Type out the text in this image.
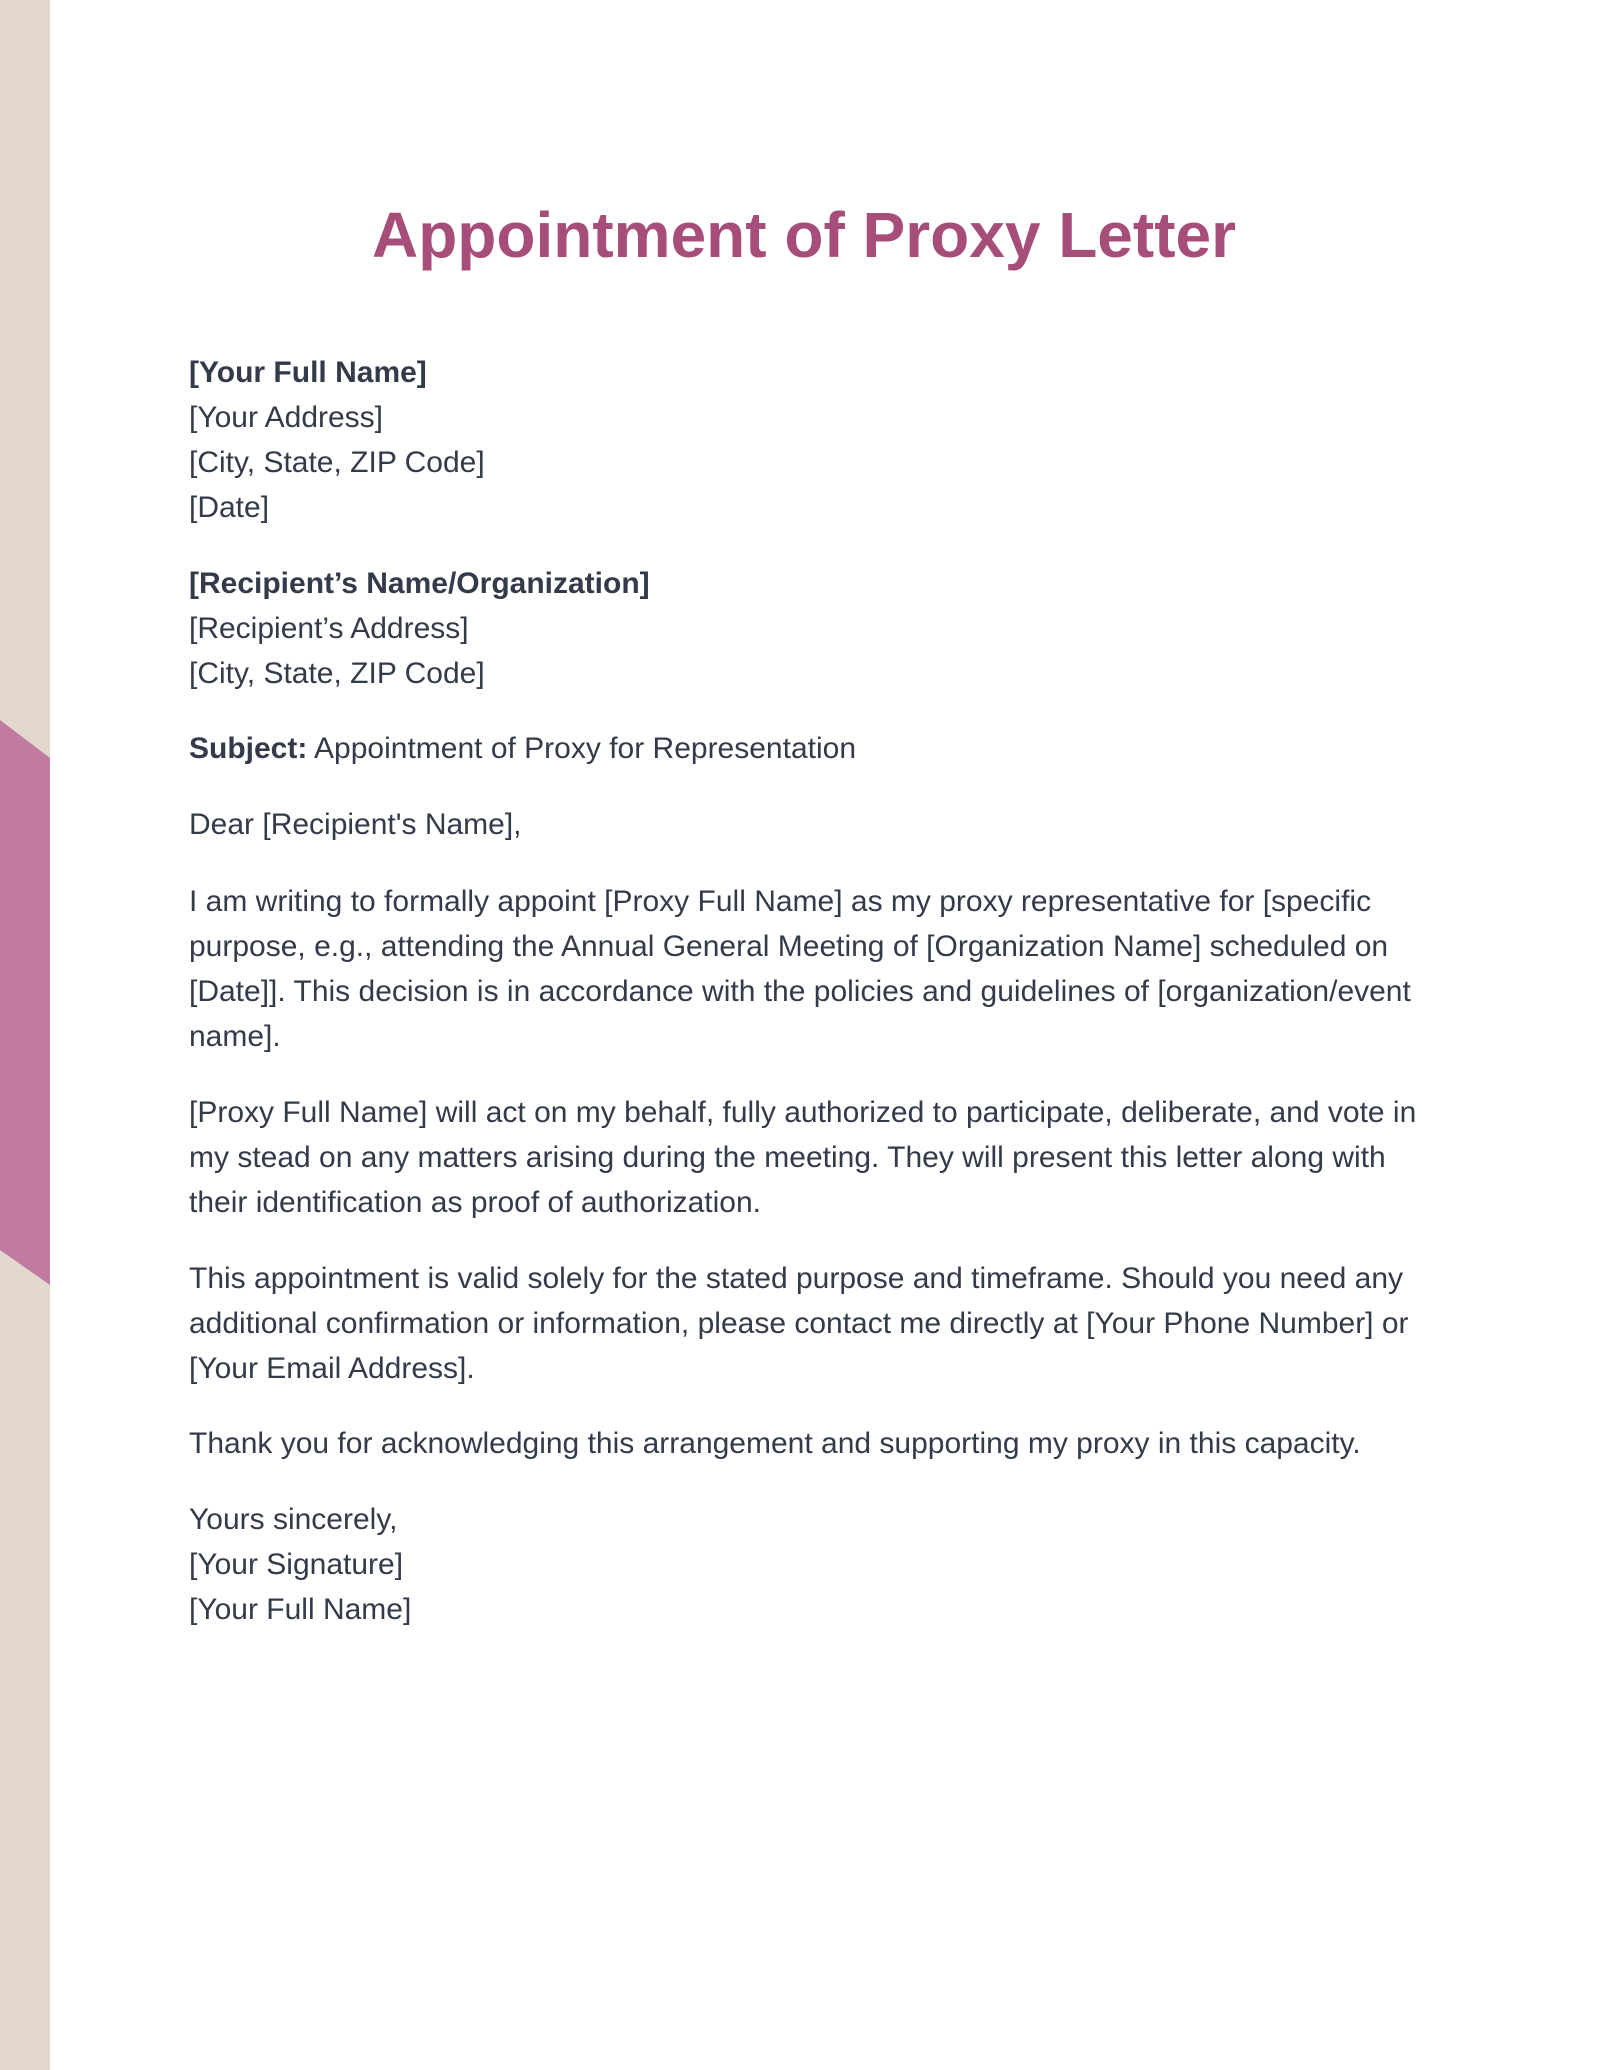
Appointment of Proxy Letter

[Your Full Name]

[Your Address]

[City, State, ZIP Code]

[Date]

[Recipient’s Name/Organization]

[Recipient’s Address]

[City, State, ZIP Code]

Subject: Appointment of Proxy for Representation

Dear [Recipient's Name],

I am writing to formally appoint [Proxy Full Name] as my proxy representative for [specific purpose, e.g., attending the Annual General Meeting of [Organization Name] scheduled on [Date]]. This decision is in accordance with the policies and guidelines of [organization/event name].

[Proxy Full Name] will act on my behalf, fully authorized to participate, deliberate, and vote in my stead on any matters arising during the meeting. They will present this letter along with their identification as proof of authorization.

This appointment is valid solely for the stated purpose and timeframe. Should you need any additional confirmation or information, please contact me directly at [Your Phone Number] or [Your Email Address].

Thank you for acknowledging this arrangement and supporting my proxy in this capacity.

Yours sincerely,

[Your Signature]

[Your Full Name]
